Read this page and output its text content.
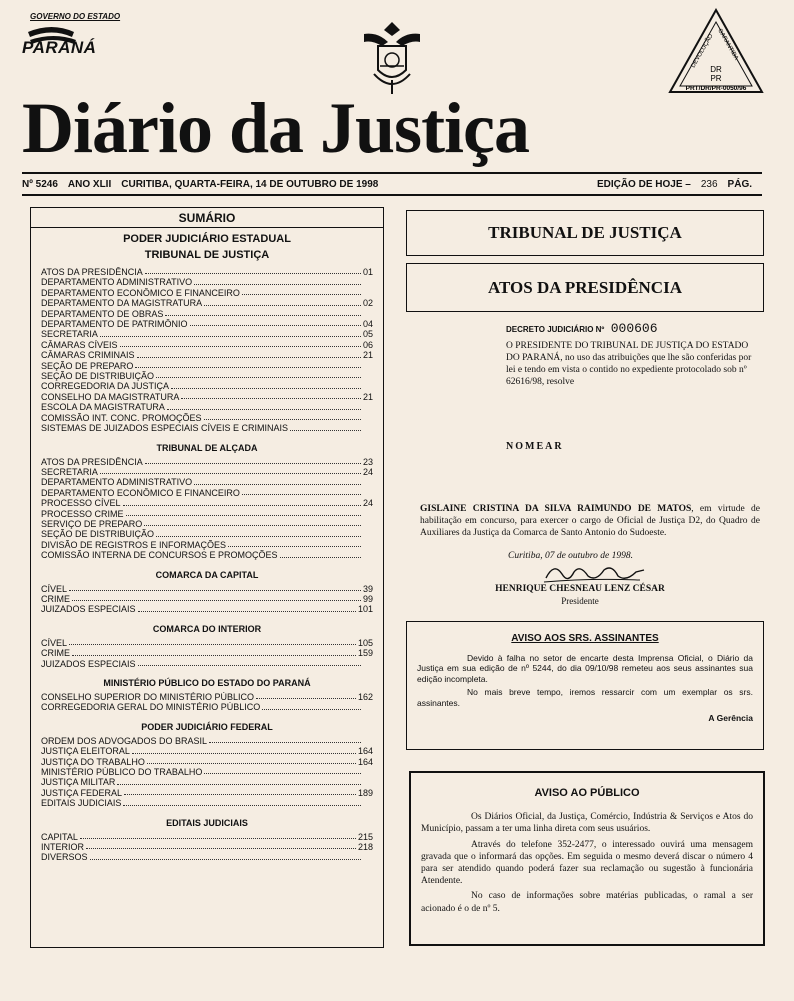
GOVERNO DO ESTADO
PARANÁ
Diário da Justiça
DR
PR
PRT/DR/PR-0050/96
DEVOLUÇÃO GARANTIDA
Nº 5246 ANO XLII CURITIBA, QUARTA-FEIRA, 14 DE OUTUBRO DE 1998	EDIÇÃO DE HOJE – 236 PÁG.
SUMÁRIO
PODER JUDICIÁRIO ESTADUAL
TRIBUNAL DE JUSTIÇA
ATOS DA PRESIDÊNCIA	01
DEPARTAMENTO ADMINISTRATIVO
DEPARTAMENTO ECONÔMICO E FINANCEIRO
DEPARTAMENTO DA MAGISTRATURA	02
DEPARTAMENTO DE OBRAS
DEPARTAMENTO DE PATRIMÔNIO	04
SECRETARIA	05
CÂMARAS CÍVEIS	06
CÂMARAS CRIMINAIS	21
SEÇÃO DE PREPARO
SEÇÃO DE DISTRIBUIÇÃO
CORREGEDORIA DA JUSTIÇA
CONSELHO DA MAGISTRATURA	21
ESCOLA DA MAGISTRATURA
COMISSÃO INT. CONC. PROMOÇÕES
SISTEMAS DE JUIZADOS ESPECIAIS CÍVEIS E CRIMINAIS
TRIBUNAL DE ALÇADA
ATOS DA PRESIDÊNCIA	23
SECRETARIA	24
DEPARTAMENTO ADMINISTRATIVO
DEPARTAMENTO ECONÔMICO E FINANCEIRO
PROCESSO CÍVEL	24
PROCESSO CRIME
SERVIÇO DE PREPARO
SEÇÃO DE DISTRIBUIÇÃO
DIVISÃO DE REGISTROS E INFORMAÇÕES
COMISSÃO INTERNA DE CONCURSOS E PROMOÇÕES
COMARCA DA CAPITAL
CÍVEL	39
CRIME	99
JUIZADOS ESPECIAIS	101
COMARCA DO INTERIOR
CÍVEL	105
CRIME	159
JUIZADOS ESPECIAIS
MINISTÉRIO PÚBLICO DO ESTADO DO PARANÁ
CONSELHO SUPERIOR DO MINISTÉRIO PÚBLICO	162
CORREGEDORIA GERAL DO MINISTÉRIO PÚBLICO
PODER JUDICIÁRIO FEDERAL
ORDEM DOS ADVOGADOS DO BRASIL
JUSTIÇA ELEITORAL	164
JUSTIÇA DO TRABALHO	164
MINISTÉRIO PÚBLICO DO TRABALHO
JUSTIÇA MILITAR
JUSTIÇA FEDERAL	189
EDITAIS JUDICIAIS
EDITAIS JUDICIAIS
CAPITAL	215
INTERIOR	218
DIVERSOS
TRIBUNAL DE JUSTIÇA
ATOS DA PRESIDÊNCIA
DECRETO JUDICIÁRIO Nº 000606
O PRESIDENTE DO TRIBUNAL DE JUSTIÇA DO ESTADO DO PARANÁ, no uso das atribuições que lhe são conferidas por lei e tendo em vista o contido no expediente protocolado sob nº 62616/98, resolve
NOMEAR
GISLAINE CRISTINA DA SILVA RAIMUNDO DE MATOS, em virtude de habilitação em concurso, para exercer o cargo de Oficial de Justiça D2, do Quadro de Auxiliares da Justiça da Comarca de Santo Antonio do Sudoeste.
Curitiba, 07 de outubro de 1998.
HENRIQUE CHESNEAU LENZ CÉSAR
Presidente
AVISO AOS SRS. ASSINANTES

Devido à falha no setor de encarte desta Imprensa Oficial, o Diário da Justiça em sua edição de nº 5244, do dia 09/10/98 remeteu aos seus assinantes sua edição incompleta.

No mais breve tempo, iremos ressarcir com um exemplar os srs. assinantes.

A Gerência
AVISO AO PÚBLICO

Os Diários Oficial, da Justiça, Comércio, Indústria & Serviços e Atos do Município, passam a ter uma linha direta com seus usuários.

Através do telefone 352-2477, o interessado ouvirá uma mensagem gravada que o informará das opções. Em seguida o mesmo deverá discar o número 4 para ser atendido quando poderá fazer sua reclamação ou sugestão à funcionária Atendente.

No caso de informações sobre matérias publicadas, o ramal a ser acionado é o de nº 5.
